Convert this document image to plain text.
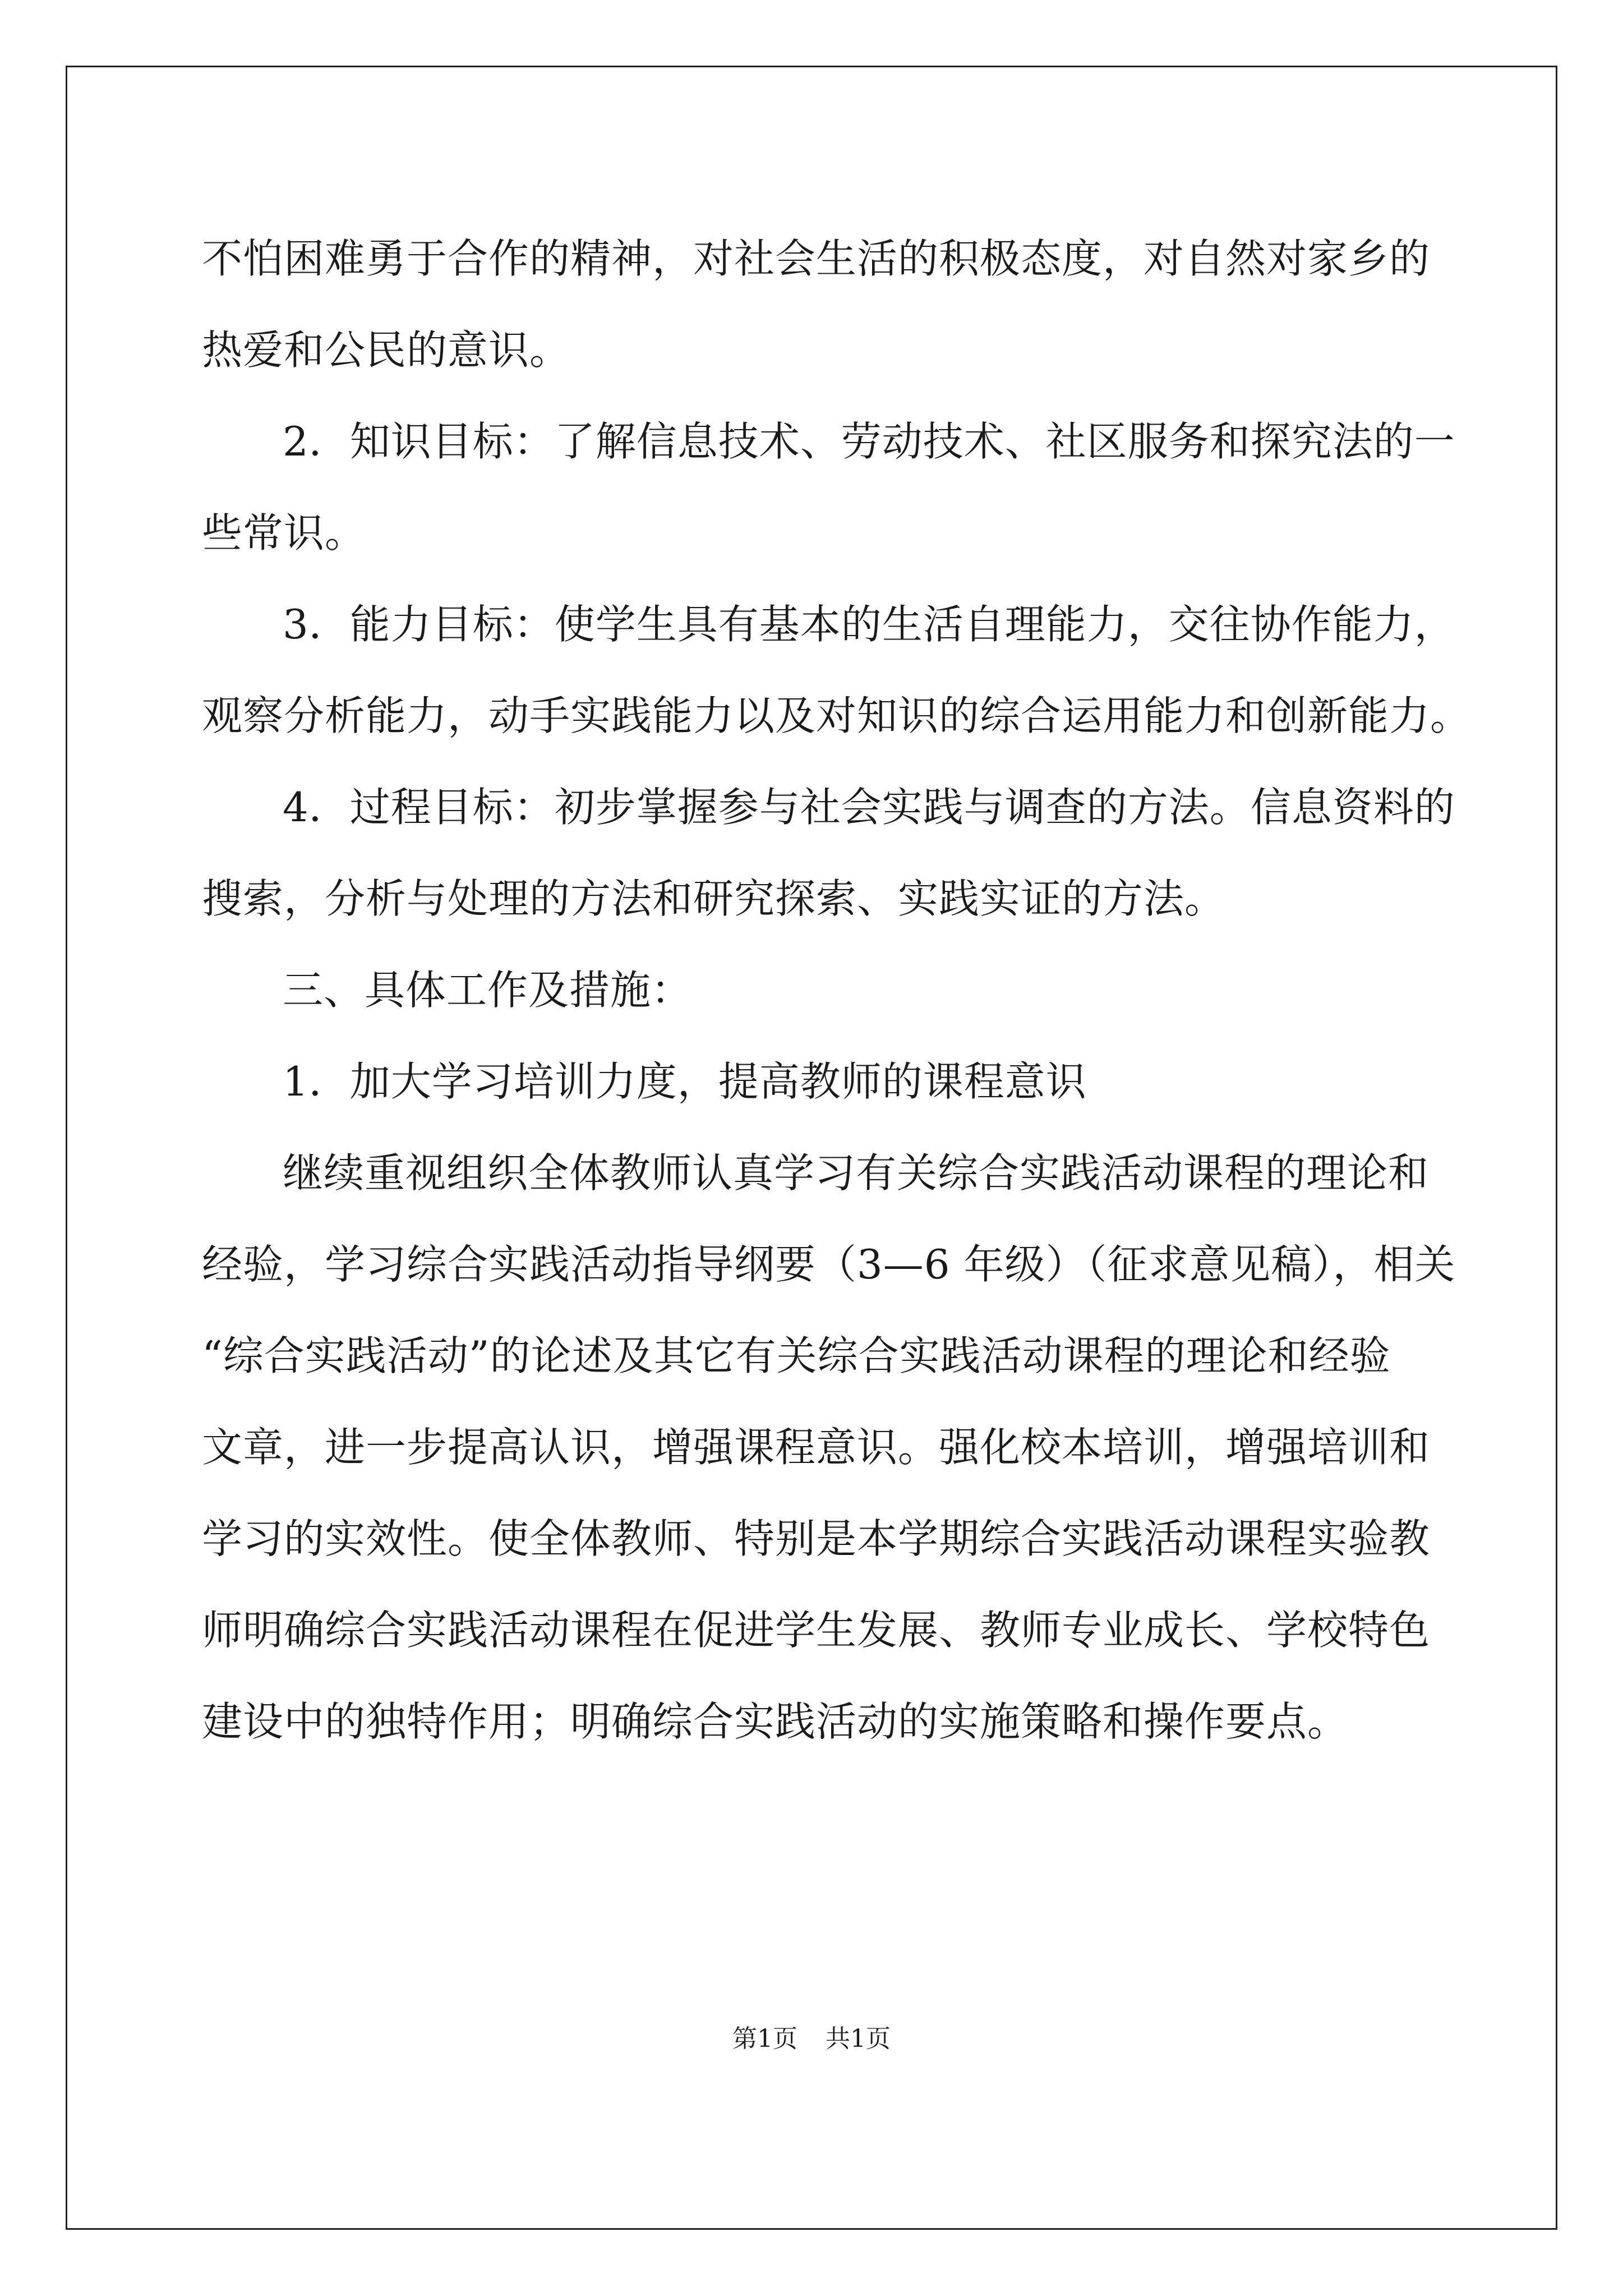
不怕困难勇于合作的精神，对社会生活的积极态度，对自然对家乡的
热爱和公民的意识。
2．知识目标：了解信息技术、劳动技术、社区服务和探究法的一
些常识。
3．能力目标：使学生具有基本的生活自理能力，交往协作能力，
观察分析能力，动手实践能力以及对知识的综合运用能力和创新能力。
4．过程目标：初步掌握参与社会实践与调查的方法。信息资料的
搜索，分析与处理的方法和研究探索、实践实证的方法。
三、具体工作及措施：
1．加大学习培训力度，提高教师的课程意识
继续重视组织全体教师认真学习有关综合实践活动课程的理论和
经验，学习综合实践活动指导纲要（3—6 年级）（征求意见稿），相关
“综合实践活动”的论述及其它有关综合实践活动课程的理论和经验
文章，进一步提高认识，增强课程意识。强化校本培训，增强培训和
学习的实效性。使全体教师、特别是本学期综合实践活动课程实验教
师明确综合实践活动课程在促进学生发展、教师专业成长、学校特色
建设中的独特作用；明确综合实践活动的实施策略和操作要点。
第1页 共1页
